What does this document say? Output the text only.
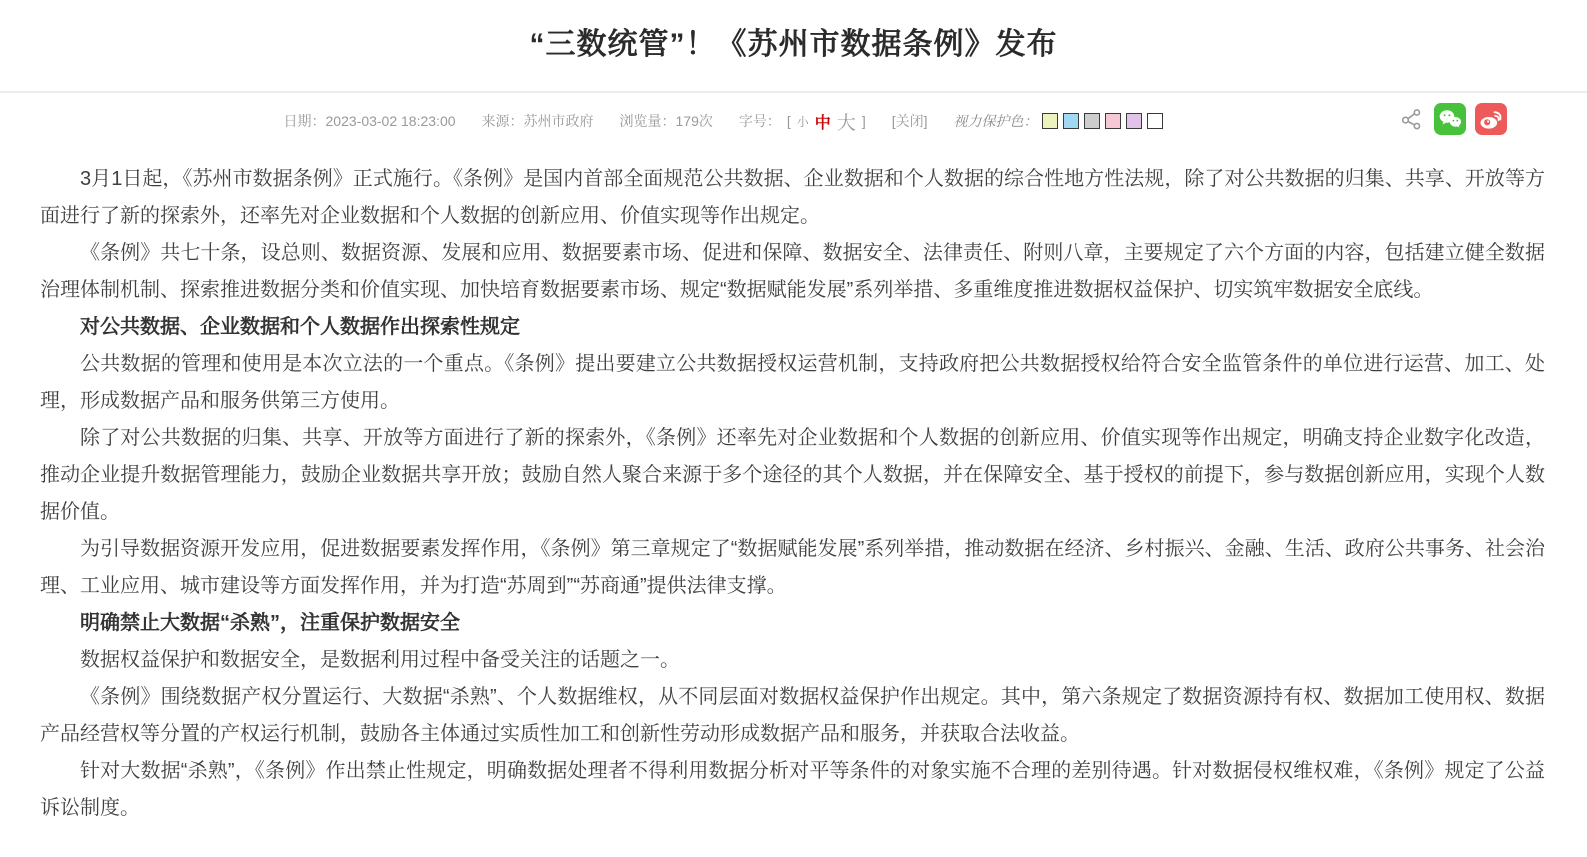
“三数统管”！《苏州市数据条例》发布
日期：2023-03-02 18:23:00 来源：苏州市政府 浏览量：179次 字号： [ 小 中 大 ] [关闭] 视力保护色：

3月1日起，《苏州市数据条例》正式施行。《条例》是国内首部全面规范公共数据、企业数据和个人数据的综合性地方性法规，除了对公共数据的归集、共享、开放等方面进行了新的探索外，还率先对企业数据和个人数据的创新应用、价值实现等作出规定。

《条例》共七十条，设总则、数据资源、发展和应用、数据要素市场、促进和保障、数据安全、法律责任、附则八章，主要规定了六个方面的内容，包括建立健全数据治理体制机制、探索推进数据分类和价值实现、加快培育数据要素市场、规定“数据赋能发展”系列举措、多重维度推进数据权益保护、切实筑牢数据安全底线。

对公共数据、企业数据和个人数据作出探索性规定

公共数据的管理和使用是本次立法的一个重点。《条例》提出要建立公共数据授权运营机制，支持政府把公共数据授权给符合安全监管条件的单位进行运营、加工、处理，形成数据产品和服务供第三方使用。

除了对公共数据的归集、共享、开放等方面进行了新的探索外，《条例》还率先对企业数据和个人数据的创新应用、价值实现等作出规定，明确支持企业数字化改造，推动企业提升数据管理能力，鼓励企业数据共享开放；鼓励自然人聚合来源于多个途径的其个人数据，并在保障安全、基于授权的前提下，参与数据创新应用，实现个人数据价值。

为引导数据资源开发应用，促进数据要素发挥作用，《条例》第三章规定了“数据赋能发展”系列举措，推动数据在经济、乡村振兴、金融、生活、政府公共事务、社会治理、工业应用、城市建设等方面发挥作用，并为打造“苏周到”“苏商通”提供法律支撑。

明确禁止大数据“杀熟”，注重保护数据安全

数据权益保护和数据安全，是数据利用过程中备受关注的话题之一。

《条例》围绕数据产权分置运行、大数据“杀熟”、个人数据维权，从不同层面对数据权益保护作出规定。其中，第六条规定了数据资源持有权、数据加工使用权、数据产品经营权等分置的产权运行机制，鼓励各主体通过实质性加工和创新性劳动形成数据产品和服务，并获取合法收益。

针对大数据“杀熟”，《条例》作出禁止性规定，明确数据处理者不得利用数据分析对平等条件的对象实施不合理的差别待遇。针对数据侵权维权难，《条例》规定了公益诉讼制度。
